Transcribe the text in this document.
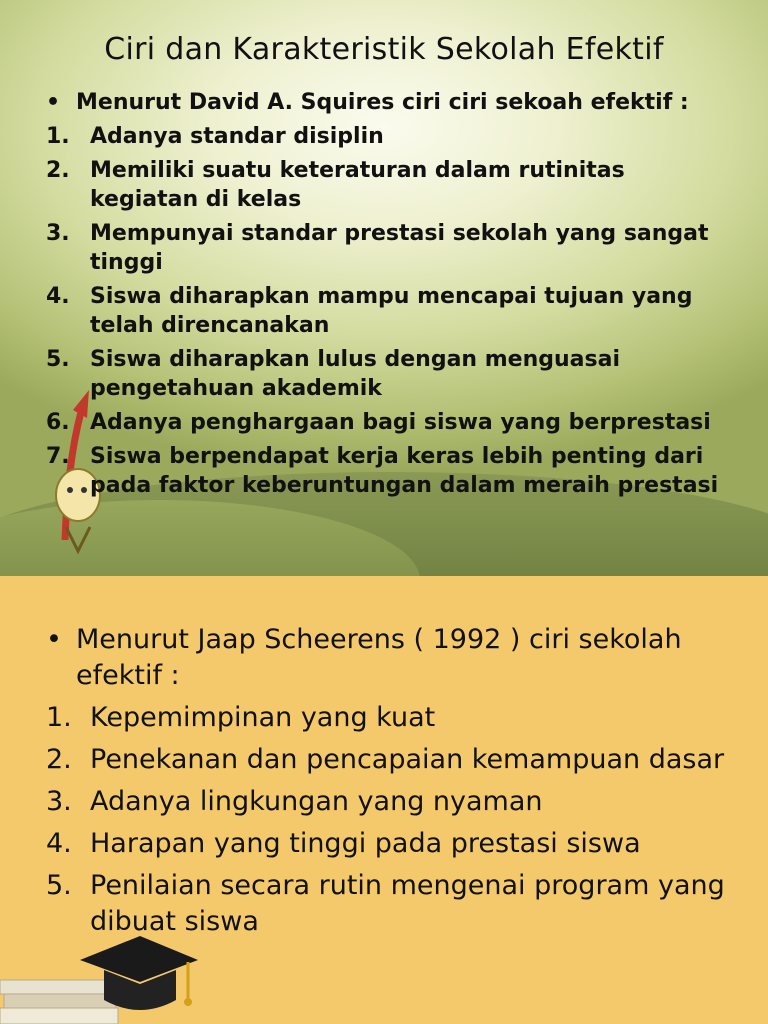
Ciri dan Karakteristik Sekolah Efektif
• Menurut David A. Squires ciri ciri sekoah efektif :
1. Adanya standar disiplin
2. Memiliki suatu keteraturan dalam rutinitas kegiatan di kelas
3. Mempunyai standar prestasi sekolah yang sangat tinggi
4. Siswa diharapkan mampu mencapai tujuan yang telah direncanakan
5. Siswa diharapkan lulus dengan menguasai pengetahuan akademik
6. Adanya penghargaan bagi siswa yang berprestasi
7. Siswa berpendapat kerja keras lebih penting dari pada faktor keberuntungan dalam meraih prestasi
• Menurut Jaap Scheerens ( 1992 ) ciri sekolah efektif :
1. Kepemimpinan yang kuat
2. Penekanan dan pencapaian kemampuan dasar
3. Adanya lingkungan yang nyaman
4. Harapan yang tinggi pada prestasi siswa
5. Penilaian secara rutin mengenai program yang dibuat siswa
